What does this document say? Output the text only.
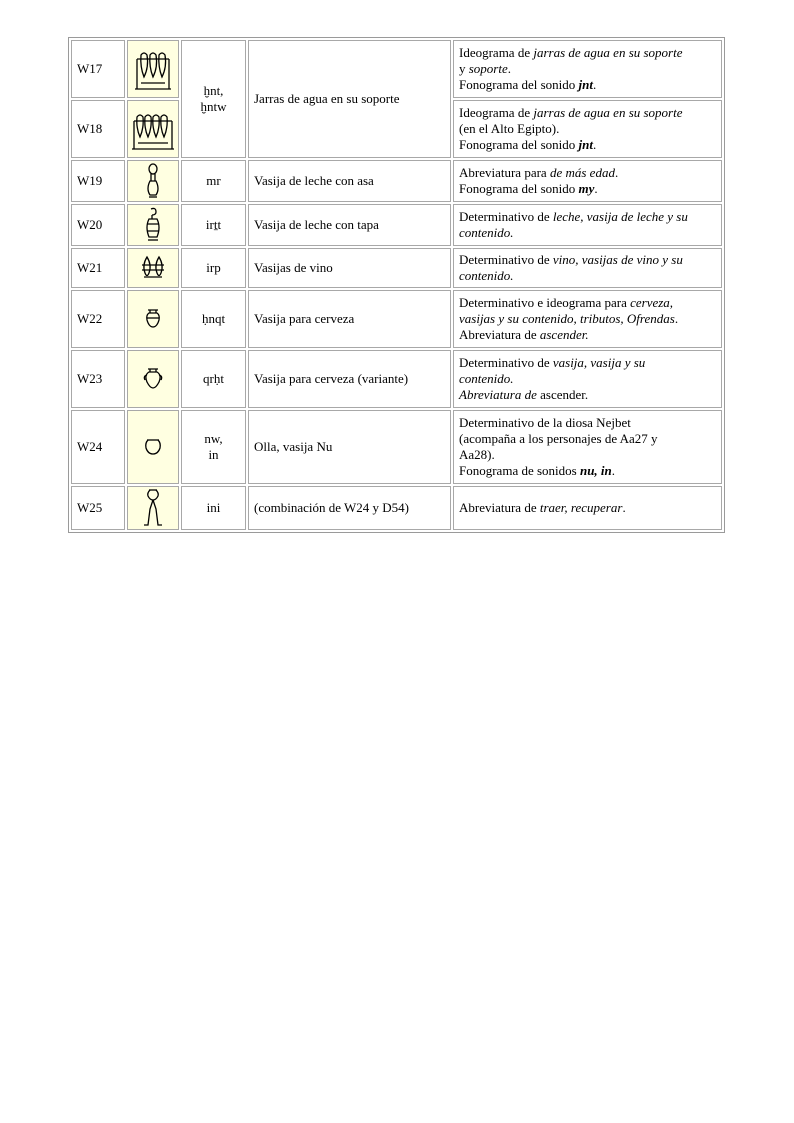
W17		ḫnt,
ḫntw	Jarras de agua en su soporte	Ideograma de jarras de agua en su soporte
y soporte.
Fonograma del sonido jnt.

W18				Ideograma de jarras de agua en su soporte
(en el Alto Egipto).
Fonograma del sonido jnt.

W19		mr	Vasija de leche con asa	Abreviatura para de más edad.
Fonograma del sonido my.

W20		irṯt	Vasija de leche con tapa	Determinativo de leche, vasija de leche y su
contenido.

W21		irp	Vasijas de vino	Determinativo de vino, vasijas de vino y su
contenido.

W22		ḥnqt	Vasija para cerveza	Determinativo e ideograma para cerveza,
vasijas y su contenido, tributos, Ofrendas.
Abreviatura de ascender.

W23		qrḥt	Vasija para cerveza (variante)	Determinativo de vasija, vasija y su
contenido.
Abreviatura de ascender.

W24		nw,
in	Olla, vasija Nu	Determinativo de la diosa Nejbet
(acompaña a los personajes de Aa27 y
Aa28).
Fonograma de sonidos nu, in.

W25		ini	(combinación de W24 y D54)	Abreviatura de traer, recuperar.
